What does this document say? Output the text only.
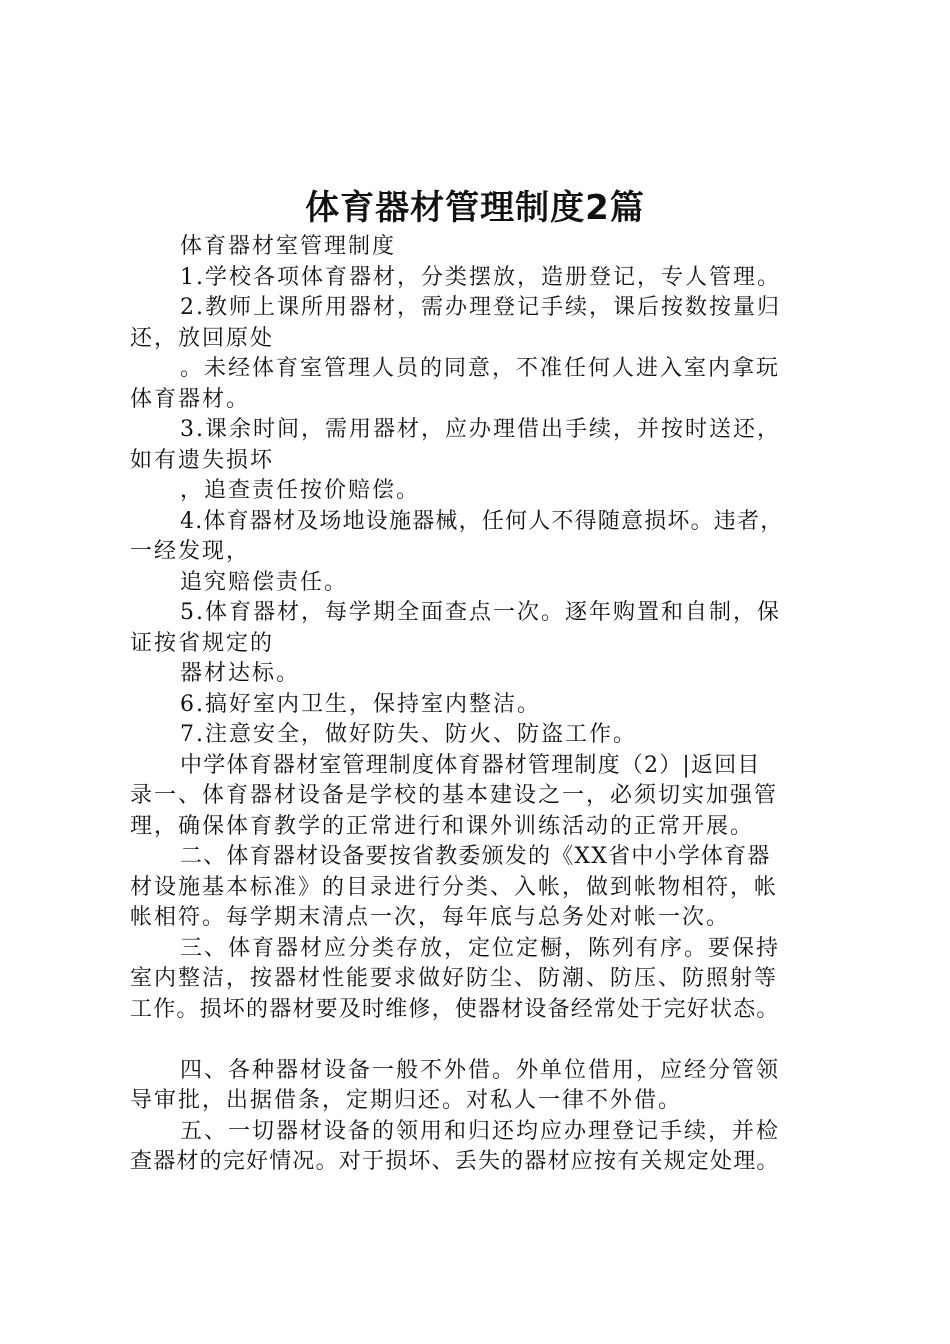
体育器材管理制度2篇

体育器材室管理制度

1.学校各项体育器材，分类摆放，造册登记，专人管理。

2.教师上课所用器材，需办理登记手续，课后按数按量归

还，放回原处

。未经体育室管理人员的同意，不准任何人进入室内拿玩

体育器材。

3.课余时间，需用器材，应办理借出手续，并按时送还，

如有遗失损坏

，追查责任按价赔偿。

4.体育器材及场地设施器械，任何人不得随意损坏。违者，

一经发现，

追究赔偿责任。

5.体育器材，每学期全面查点一次。逐年购置和自制，保

证按省规定的

器材达标。

6.搞好室内卫生，保持室内整洁。

7.注意安全，做好防失、防火、防盗工作。

中学体育器材室管理制度体育器材管理制度（2）|返回目

录一、体育器材设备是学校的基本建设之一，必须切实加强管

理，确保体育教学的正常进行和课外训练活动的正常开展。

二、体育器材设备要按省教委颁发的《XX省中小学体育器

材设施基本标准》的目录进行分类、入帐，做到帐物相符，帐

帐相符。每学期末清点一次，每年底与总务处对帐一次。

三、体育器材应分类存放，定位定橱，陈列有序。要保持

室内整洁，按器材性能要求做好防尘、防潮、防压、防照射等

工作。损坏的器材要及时维修，使器材设备经常处于完好状态。

四、各种器材设备一般不外借。外单位借用，应经分管领

导审批，出据借条，定期归还。对私人一律不外借。

五、一切器材设备的领用和归还均应办理登记手续，并检

查器材的完好情况。对于损坏、丢失的器材应按有关规定处理。
